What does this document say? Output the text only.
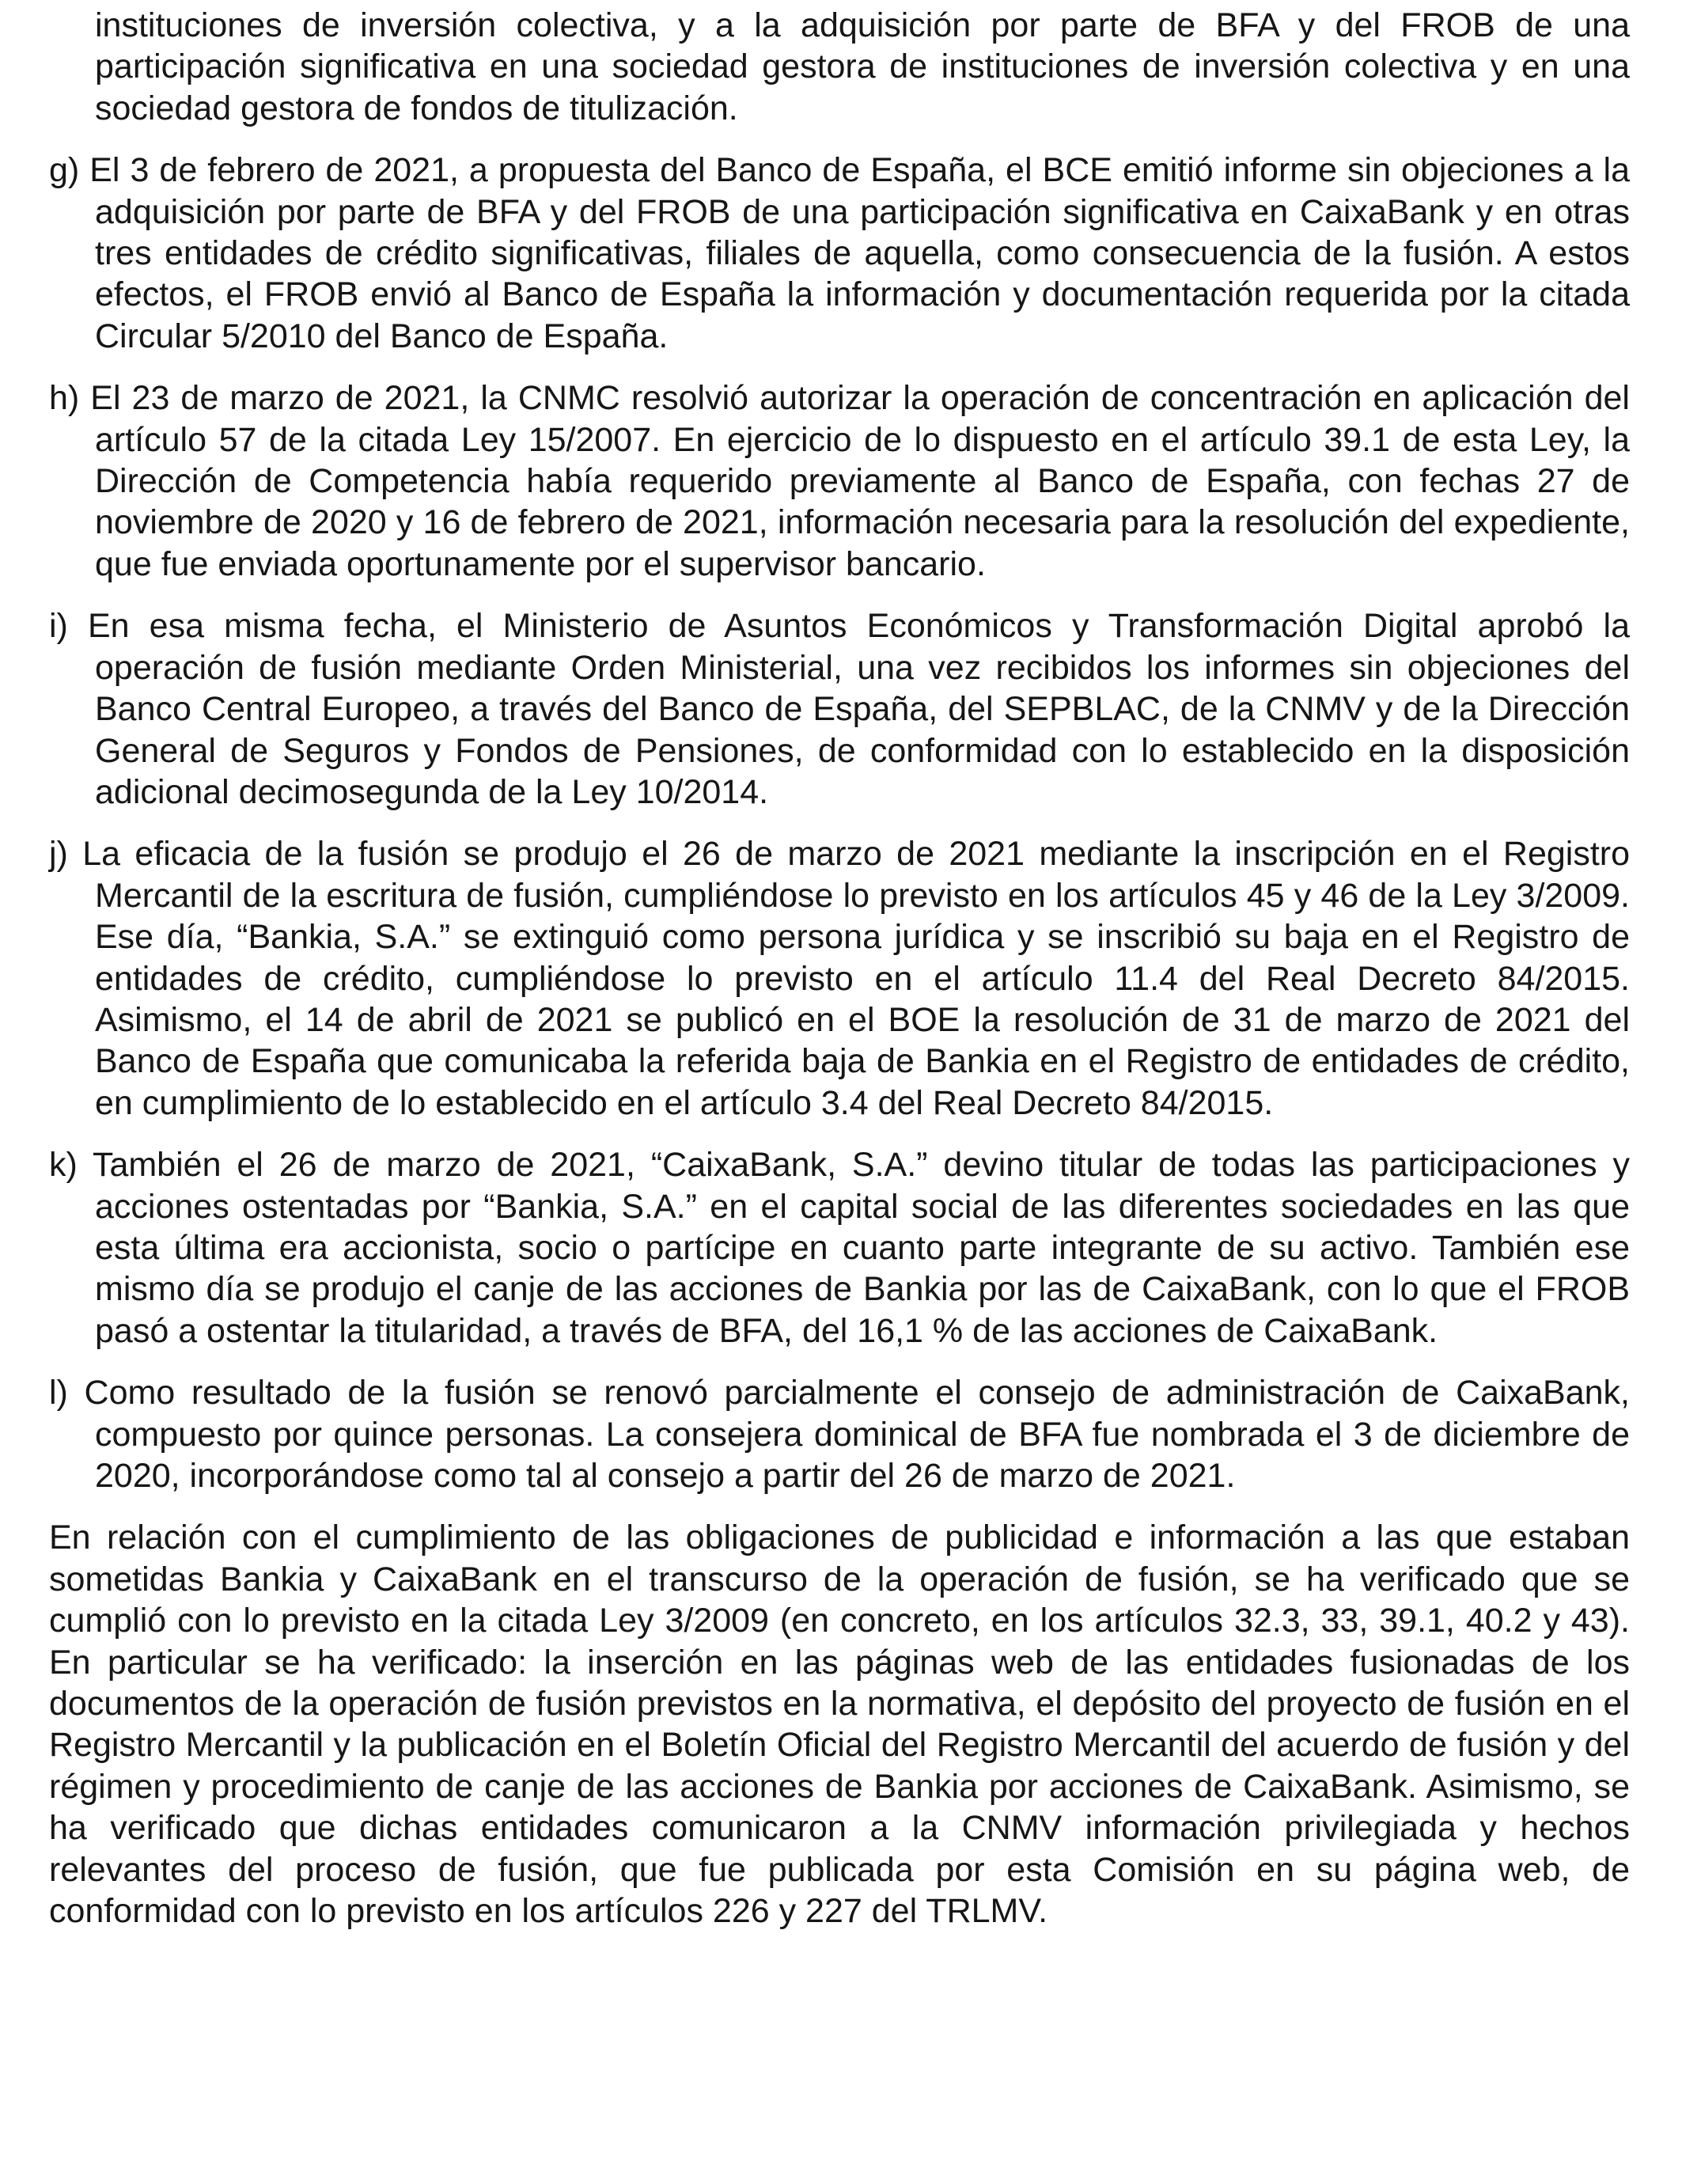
instituciones de inversión colectiva, y a la adquisición por parte de BFA y del FROB de una participación significativa en una sociedad gestora de instituciones de inversión colectiva y en una sociedad gestora de fondos de titulización.

g) El 3 de febrero de 2021, a propuesta del Banco de España, el BCE emitió informe sin objeciones a la adquisición por parte de BFA y del FROB de una participación significativa en CaixaBank y en otras tres entidades de crédito significativas, filiales de aquella, como consecuencia de la fusión. A estos efectos, el FROB envió al Banco de España la información y documentación requerida por la citada Circular 5/2010 del Banco de España.

h) El 23 de marzo de 2021, la CNMC resolvió autorizar la operación de concentración en aplicación del artículo 57 de la citada Ley 15/2007. En ejercicio de lo dispuesto en el artículo 39.1 de esta Ley, la Dirección de Competencia había requerido previamente al Banco de España, con fechas 27 de noviembre de 2020 y 16 de febrero de 2021, información necesaria para la resolución del expediente, que fue enviada oportunamente por el supervisor bancario.

i) En esa misma fecha, el Ministerio de Asuntos Económicos y Transformación Digital aprobó la operación de fusión mediante Orden Ministerial, una vez recibidos los informes sin objeciones del Banco Central Europeo, a través del Banco de España, del SEPBLAC, de la CNMV y de la Dirección General de Seguros y Fondos de Pensiones, de conformidad con lo establecido en la disposición adicional decimosegunda de la Ley 10/2014.

j) La eficacia de la fusión se produjo el 26 de marzo de 2021 mediante la inscripción en el Registro Mercantil de la escritura de fusión, cumpliéndose lo previsto en los artículos 45 y 46 de la Ley 3/2009. Ese día, “Bankia, S.A.” se extinguió como persona jurídica y se inscribió su baja en el Registro de entidades de crédito, cumpliéndose lo previsto en el artículo 11.4 del Real Decreto 84/2015. Asimismo, el 14 de abril de 2021 se publicó en el BOE la resolución de 31 de marzo de 2021 del Banco de España que comunicaba la referida baja de Bankia en el Registro de entidades de crédito, en cumplimiento de lo establecido en el artículo 3.4 del Real Decreto 84/2015.

k) También el 26 de marzo de 2021, “CaixaBank, S.A.” devino titular de todas las participaciones y acciones ostentadas por “Bankia, S.A.” en el capital social de las diferentes sociedades en las que esta última era accionista, socio o partícipe en cuanto parte integrante de su activo. También ese mismo día se produjo el canje de las acciones de Bankia por las de CaixaBank, con lo que el FROB pasó a ostentar la titularidad, a través de BFA, del 16,1 % de las acciones de CaixaBank.

l) Como resultado de la fusión se renovó parcialmente el consejo de administración de CaixaBank, compuesto por quince personas. La consejera dominical de BFA fue nombrada el 3 de diciembre de 2020, incorporándose como tal al consejo a partir del 26 de marzo de 2021.

En relación con el cumplimiento de las obligaciones de publicidad e información a las que estaban sometidas Bankia y CaixaBank en el transcurso de la operación de fusión, se ha verificado que se cumplió con lo previsto en la citada Ley 3/2009 (en concreto, en los artículos 32.3, 33, 39.1, 40.2 y 43). En particular se ha verificado: la inserción en las páginas web de las entidades fusionadas de los documentos de la operación de fusión previstos en la normativa, el depósito del proyecto de fusión en el Registro Mercantil y la publicación en el Boletín Oficial del Registro Mercantil del acuerdo de fusión y del régimen y procedimiento de canje de las acciones de Bankia por acciones de CaixaBank. Asimismo, se ha verificado que dichas entidades comunicaron a la CNMV información privilegiada y hechos relevantes del proceso de fusión, que fue publicada por esta Comisión en su página web, de conformidad con lo previsto en los artículos 226 y 227 del TRLMV.
